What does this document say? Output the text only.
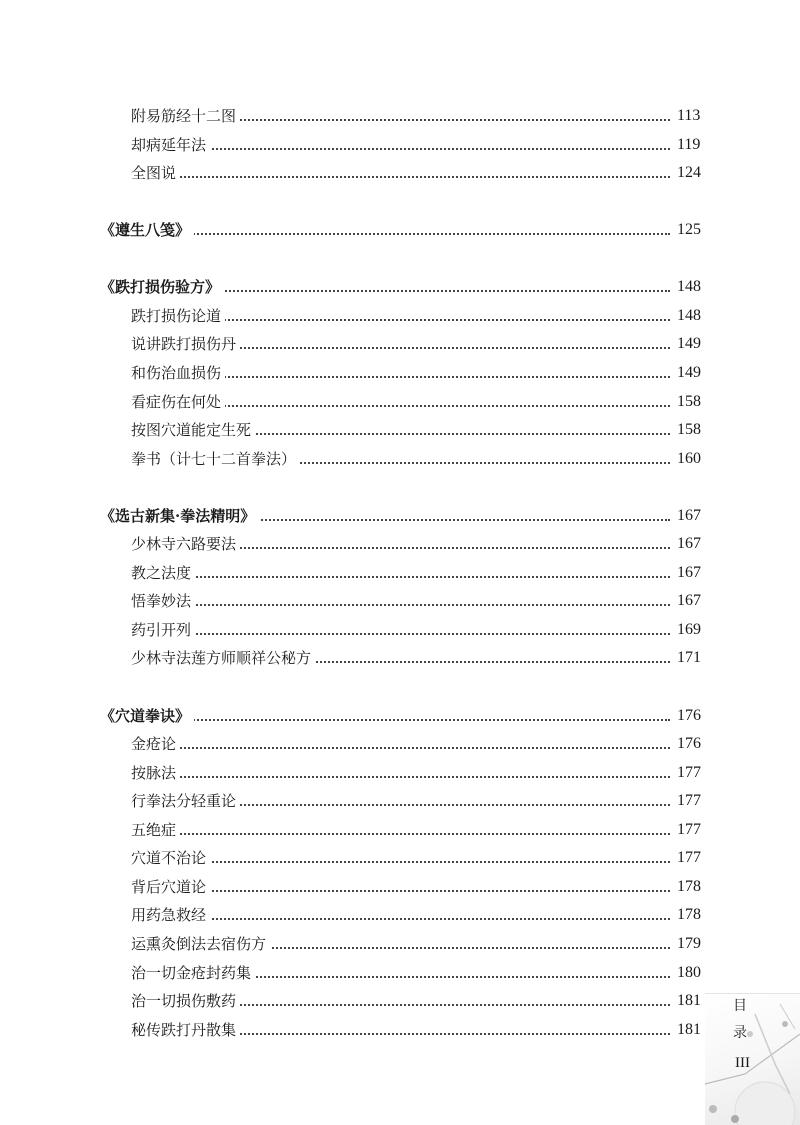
目
录
III
附易筋经十二图	113
却病延年法	119
全图说	124
《遵生八笺》	125
《跌打损伤验方》	148
跌打损伤论道	148
说讲跌打损伤丹	149
和伤治血损伤	149
看症伤在何处	158
按图穴道能定生死	158
拳书（计七十二首拳法）	160
《选古新集·拳法精明》	167
少林寺六路要法	167
教之法度	167
悟拳妙法	167
药引开列	169
少林寺法莲方师顺祥公秘方	171
《穴道拳诀》	176
金疮论	176
按脉法	177
行拳法分轻重论	177
五绝症	177
穴道不治论	177
背后穴道论	178
用药急救经	178
运熏灸倒法去宿伤方	179
治一切金疮封药集	180
治一切损伤敷药	181
秘传跌打丹散集	181
